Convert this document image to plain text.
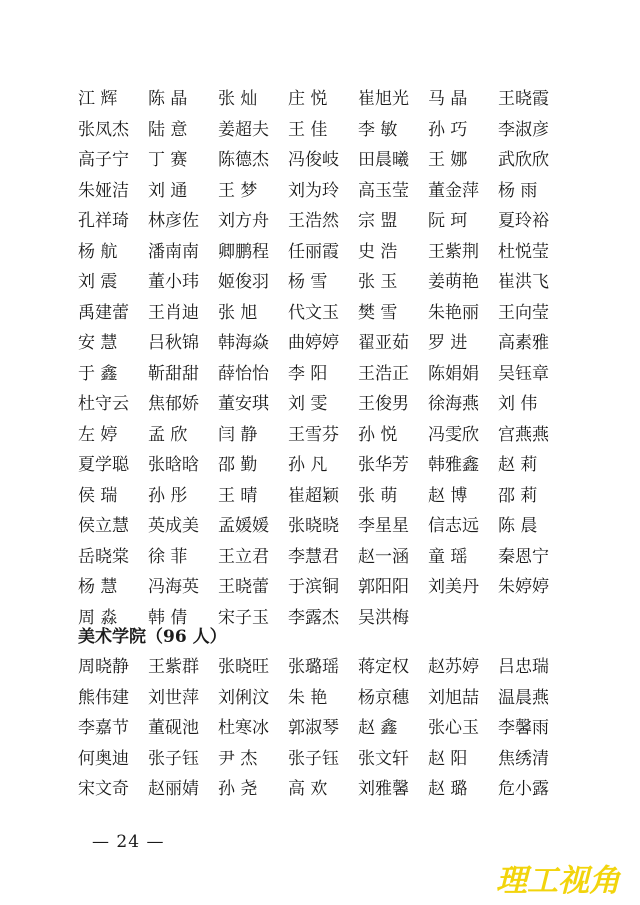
江 辉	陈 晶	张 灿	庄 悦	崔旭光	马 晶	王晓霞
张凤杰	陆 意	姜超夫	王 佳	李 敏	孙 巧	李淑彦
高子宁	丁 赛	陈德杰	冯俊岐	田晨曦	王 娜	武欣欣
朱娅洁	刘 通	王 梦	刘为玲	高玉莹	董金萍	杨 雨
孔祥琦	林彦佐	刘方舟	王浩然	宗 盟	阮 珂	夏玲裕
杨 航	潘南南	卿鹏程	任丽霞	史 浩	王紫荆	杜悦莹
刘 震	董小玮	姬俊羽	杨 雪	张 玉	姜萌艳	崔洪飞
禹建蕾	王肖迪	张 旭	代文玉	樊 雪	朱艳丽	王向莹
安 慧	吕秋锦	韩海焱	曲婷婷	翟亚茹	罗 进	高素雅
于 鑫	靳甜甜	薛怡怡	李 阳	王浩正	陈娟娟	吴钰章
杜守云	焦郁娇	董安琪	刘 雯	王俊男	徐海燕	刘 伟
左 婷	孟 欣	闫 静	王雪芬	孙 悦	冯雯欣	宫燕燕
夏学聪	张晗晗	邵 勤	孙 凡	张华芳	韩雅鑫	赵 莉
侯 瑞	孙 彤	王 晴	崔超颖	张 萌	赵 博	邵 莉
侯立慧	英成美	孟媛媛	张晓晓	李星星	信志远	陈 晨
岳晓棠	徐 菲	王立君	李慧君	赵一涵	童 瑶	秦恩宁
杨 慧	冯海英	王晓蕾	于滨铜	郭阳阳	刘美丹	朱婷婷
周 淼	韩 倩	宋子玉	李露杰	吴洪梅
美术学院（96 人）
周晓静	王紫群	张晓旺	张璐瑶	蒋定权	赵苏婷	吕忠瑞
熊伟建	刘世萍	刘俐汶	朱 艳	杨京穗	刘旭喆	温晨燕
李嘉节	董砚池	杜寒冰	郭淑琴	赵 鑫	张心玉	李馨雨
何奥迪	张子钰	尹 杰	张子钰	张文轩	赵 阳	焦绣清
宋文奇	赵丽婧	孙 尧	高 欢	刘雅馨	赵 璐	危小露
— 24 —
理工视角
